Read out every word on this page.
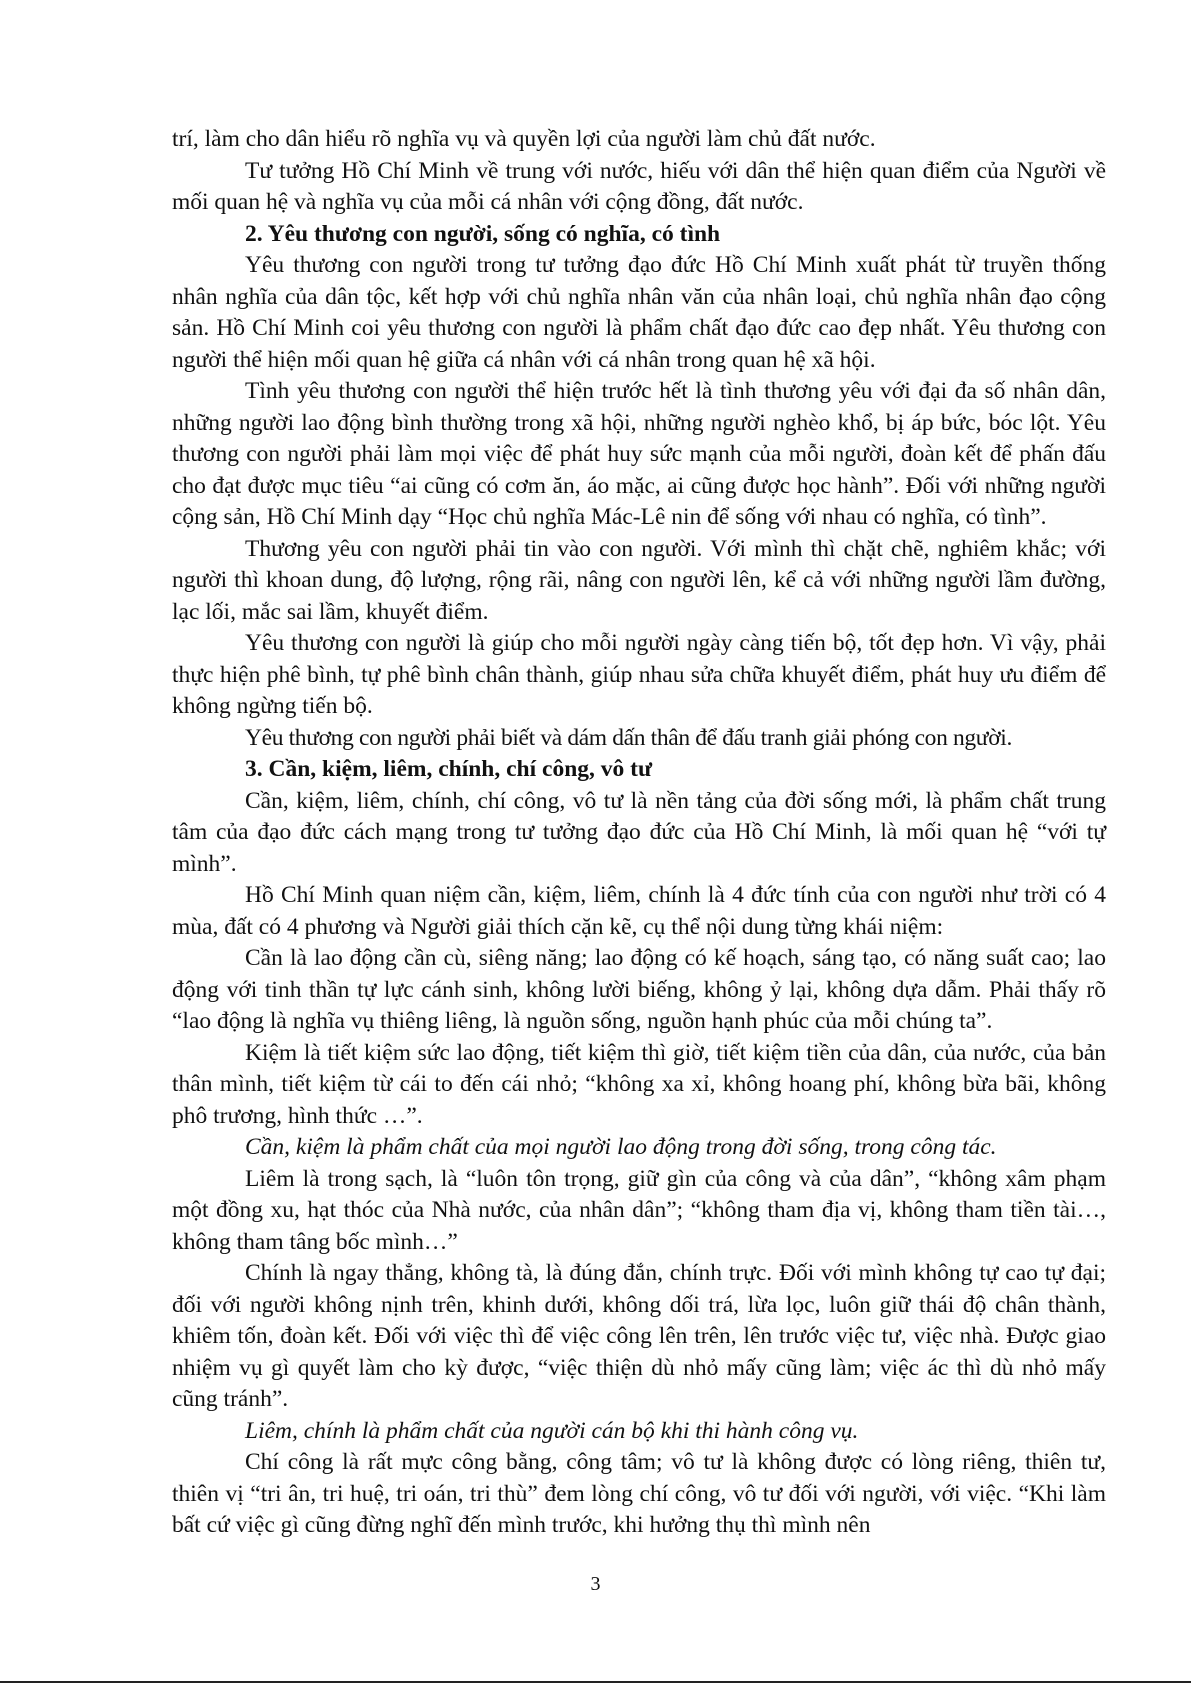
trí, làm cho dân hiểu rõ nghĩa vụ và quyền lợi của người làm chủ đất nước.

Tư tưởng Hồ Chí Minh về trung với nước, hiếu với dân thể hiện quan điểm của Người về mối quan hệ và nghĩa vụ của mỗi cá nhân với cộng đồng, đất nước.

2. Yêu thương con người, sống có nghĩa, có tình

Yêu thương con người trong tư tưởng đạo đức Hồ Chí Minh xuất phát từ truyền thống nhân nghĩa của dân tộc, kết hợp với chủ nghĩa nhân văn của nhân loại, chủ nghĩa nhân đạo cộng sản. Hồ Chí Minh coi yêu thương con người là phẩm chất đạo đức cao đẹp nhất. Yêu thương con người thể hiện mối quan hệ giữa cá nhân với cá nhân trong quan hệ xã hội.

Tình yêu thương con người thể hiện trước hết là tình thương yêu với đại đa số nhân dân, những người lao động bình thường trong xã hội, những người nghèo khổ, bị áp bức, bóc lột. Yêu thương con người phải làm mọi việc để phát huy sức mạnh của mỗi người, đoàn kết để phấn đấu cho đạt được mục tiêu “ai cũng có cơm ăn, áo mặc, ai cũng được học hành”. Đối với những người cộng sản, Hồ Chí Minh dạy “Học chủ nghĩa Mác-Lê nin để sống với nhau có nghĩa, có tình”.

Thương yêu con người phải tin vào con người. Với mình thì chặt chẽ, nghiêm khắc; với người thì khoan dung, độ lượng, rộng rãi, nâng con người lên, kể cả với những người lầm đường, lạc lối, mắc sai lầm, khuyết điểm.

Yêu thương con người là giúp cho mỗi người ngày càng tiến bộ, tốt đẹp hơn. Vì vậy, phải thực hiện phê bình, tự phê bình chân thành, giúp nhau sửa chữa khuyết điểm, phát huy ưu điểm để không ngừng tiến bộ.

Yêu thương con người phải biết và dám dấn thân để đấu tranh giải phóng con người.

3. Cần, kiệm, liêm, chính, chí công, vô tư

Cần, kiệm, liêm, chính, chí công, vô tư là nền tảng của đời sống mới, là phẩm chất trung tâm của đạo đức cách mạng trong tư tưởng đạo đức của Hồ Chí Minh, là mối quan hệ “với tự mình”.

Hồ Chí Minh quan niệm cần, kiệm, liêm, chính là 4 đức tính của con người như trời có 4 mùa, đất có 4 phương và Người giải thích cặn kẽ, cụ thể nội dung từng khái niệm:

Cần là lao động cần cù, siêng năng; lao động có kế hoạch, sáng tạo, có năng suất cao; lao động với tinh thần tự lực cánh sinh, không lười biếng, không ỷ lại, không dựa dẫm. Phải thấy rõ “lao động là nghĩa vụ thiêng liêng, là nguồn sống, nguồn hạnh phúc của mỗi chúng ta”.

Kiệm là tiết kiệm sức lao động, tiết kiệm thì giờ, tiết kiệm tiền của dân, của nước, của bản thân mình, tiết kiệm từ cái to đến cái nhỏ; “không xa xỉ, không hoang phí, không bừa bãi, không phô trương, hình thức …”.

Cần, kiệm là phẩm chất của mọi người lao động trong đời sống, trong công tác.

Liêm là trong sạch, là “luôn tôn trọng, giữ gìn của công và của dân”, “không xâm phạm một đồng xu, hạt thóc của Nhà nước, của nhân dân”; “không tham địa vị, không tham tiền tài…, không tham tâng bốc mình…”

Chính là ngay thẳng, không tà, là đúng đắn, chính trực. Đối với mình không tự cao tự đại; đối với người không nịnh trên, khinh dưới, không dối trá, lừa lọc, luôn giữ thái độ chân thành, khiêm tốn, đoàn kết. Đối với việc thì để việc công lên trên, lên trước việc tư, việc nhà. Được giao nhiệm vụ gì quyết làm cho kỳ được, “việc thiện dù nhỏ mấy cũng làm; việc ác thì dù nhỏ mấy cũng tránh”.

Liêm, chính là phẩm chất của người cán bộ khi thi hành công vụ.

Chí công là rất mực công bằng, công tâm; vô tư là không được có lòng riêng, thiên tư, thiên vị “tri ân, tri huệ, tri oán, tri thù” đem lòng chí công, vô tư đối với người, với việc. “Khi làm bất cứ việc gì cũng đừng nghĩ đến mình trước, khi hưởng thụ thì mình nên

3
